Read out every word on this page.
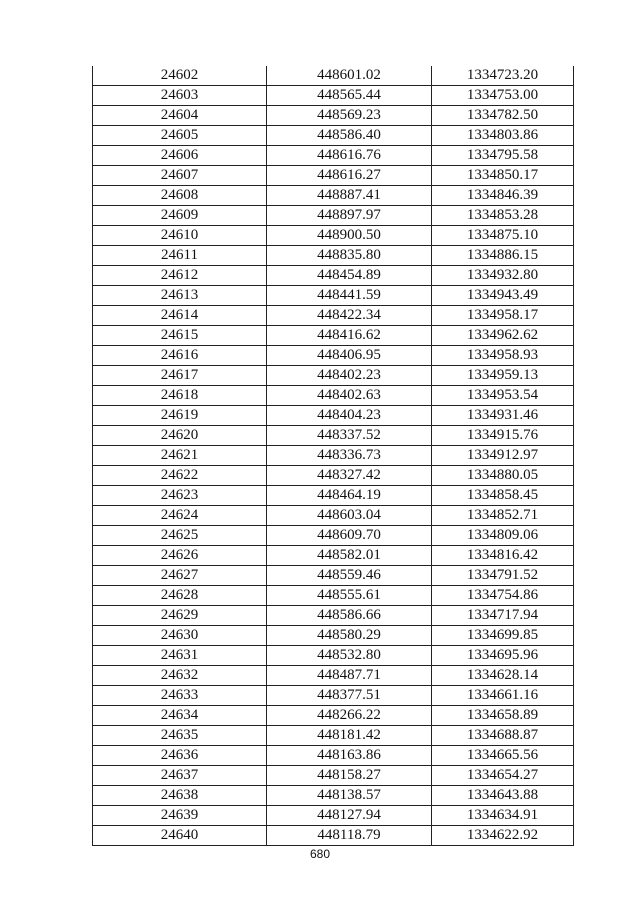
24602	448601.02	1334723.20
24603	448565.44	1334753.00
24604	448569.23	1334782.50
24605	448586.40	1334803.86
24606	448616.76	1334795.58
24607	448616.27	1334850.17
24608	448887.41	1334846.39
24609	448897.97	1334853.28
24610	448900.50	1334875.10
24611	448835.80	1334886.15
24612	448454.89	1334932.80
24613	448441.59	1334943.49
24614	448422.34	1334958.17
24615	448416.62	1334962.62
24616	448406.95	1334958.93
24617	448402.23	1334959.13
24618	448402.63	1334953.54
24619	448404.23	1334931.46
24620	448337.52	1334915.76
24621	448336.73	1334912.97
24622	448327.42	1334880.05
24623	448464.19	1334858.45
24624	448603.04	1334852.71
24625	448609.70	1334809.06
24626	448582.01	1334816.42
24627	448559.46	1334791.52
24628	448555.61	1334754.86
24629	448586.66	1334717.94
24630	448580.29	1334699.85
24631	448532.80	1334695.96
24632	448487.71	1334628.14
24633	448377.51	1334661.16
24634	448266.22	1334658.89
24635	448181.42	1334688.87
24636	448163.86	1334665.56
24637	448158.27	1334654.27
24638	448138.57	1334643.88
24639	448127.94	1334634.91
24640	448118.79	1334622.92
680
